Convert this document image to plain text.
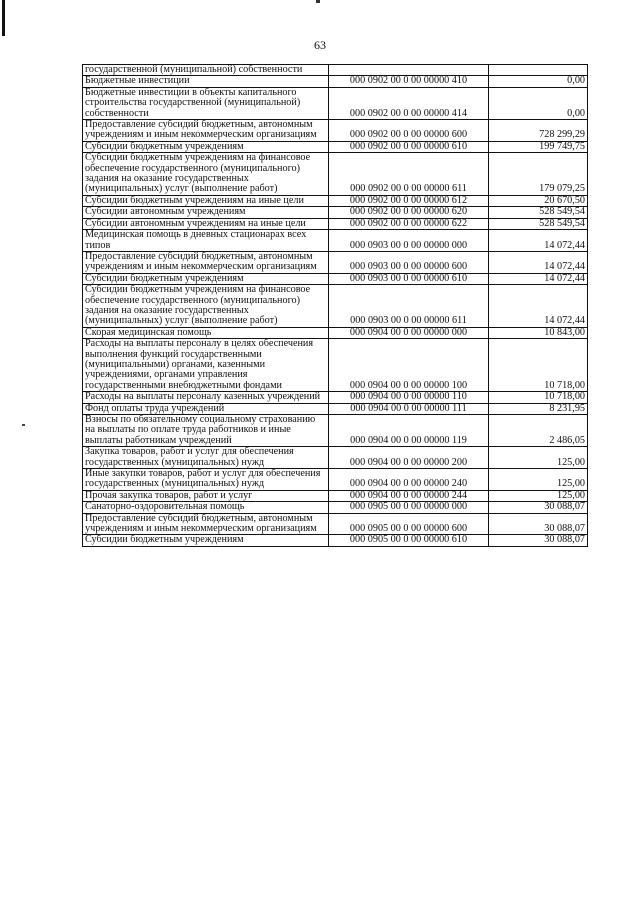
63
государственной (муниципальной) собственности		
Бюджетные инвестиции	000 0902 00 0 00 00000 410	0,00
Бюджетные инвестиции в объекты капитального строительства государственной (муниципальной) собственности	000 0902 00 0 00 00000 414	0,00
Предоставление субсидий бюджетным, автономным учреждениям и иным некоммерческим организациям	000 0902 00 0 00 00000 600	728 299,29
Субсидии бюджетным учреждениям	000 0902 00 0 00 00000 610	199 749,75
Субсидии бюджетным учреждениям на финансовое обеспечение государственного (муниципального) задания на оказание государственных (муниципальных) услуг (выполнение работ)	000 0902 00 0 00 00000 611	179 079,25
Субсидии бюджетным учреждениям на иные цели	000 0902 00 0 00 00000 612	20 670,50
Субсидии автономным учреждениям	000 0902 00 0 00 00000 620	528 549,54
Субсидии автономным учреждениям на иные цели	000 0902 00 0 00 00000 622	528 549,54
Медицинская помощь в дневных стационарах всех типов	000 0903 00 0 00 00000 000	14 072,44
Предоставление субсидий бюджетным, автономным учреждениям и иным некоммерческим организациям	000 0903 00 0 00 00000 600	14 072,44
Субсидии бюджетным учреждениям	000 0903 00 0 00 00000 610	14 072,44
Субсидии бюджетным учреждениям на финансовое обеспечение государственного (муниципального) задания на оказание государственных (муниципальных) услуг (выполнение работ)	000 0903 00 0 00 00000 611	14 072,44
Скорая медицинская помощь	000 0904 00 0 00 00000 000	10 843,00
Расходы на выплаты персоналу в целях обеспечения выполнения функций государственными (муниципальными) органами, казенными учреждениями, органами управления государственными внебюджетными фондами	000 0904 00 0 00 00000 100	10 718,00
Расходы на выплаты персоналу казенных учреждений	000 0904 00 0 00 00000 110	10 718,00
Фонд оплаты труда учреждений	000 0904 00 0 00 00000 111	8 231,95
Взносы по обязательному социальному страхованию на выплаты по оплате труда работников и иные выплаты работникам учреждений	000 0904 00 0 00 00000 119	2 486,05
Закупка товаров, работ и услуг для обеспечения государственных (муниципальных) нужд	000 0904 00 0 00 00000 200	125,00
Иные закупки товаров, работ и услуг для обеспечения государственных (муниципальных) нужд	000 0904 00 0 00 00000 240	125,00
Прочая закупка товаров, работ и услуг	000 0904 00 0 00 00000 244	125,00
Санаторно-оздоровительная помощь	000 0905 00 0 00 00000 000	30 088,07
Предоставление субсидий бюджетным, автономным учреждениям и иным некоммерческим организациям	000 0905 00 0 00 00000 600	30 088,07
Субсидии бюджетным учреждениям	000 0905 00 0 00 00000 610	30 088,07
